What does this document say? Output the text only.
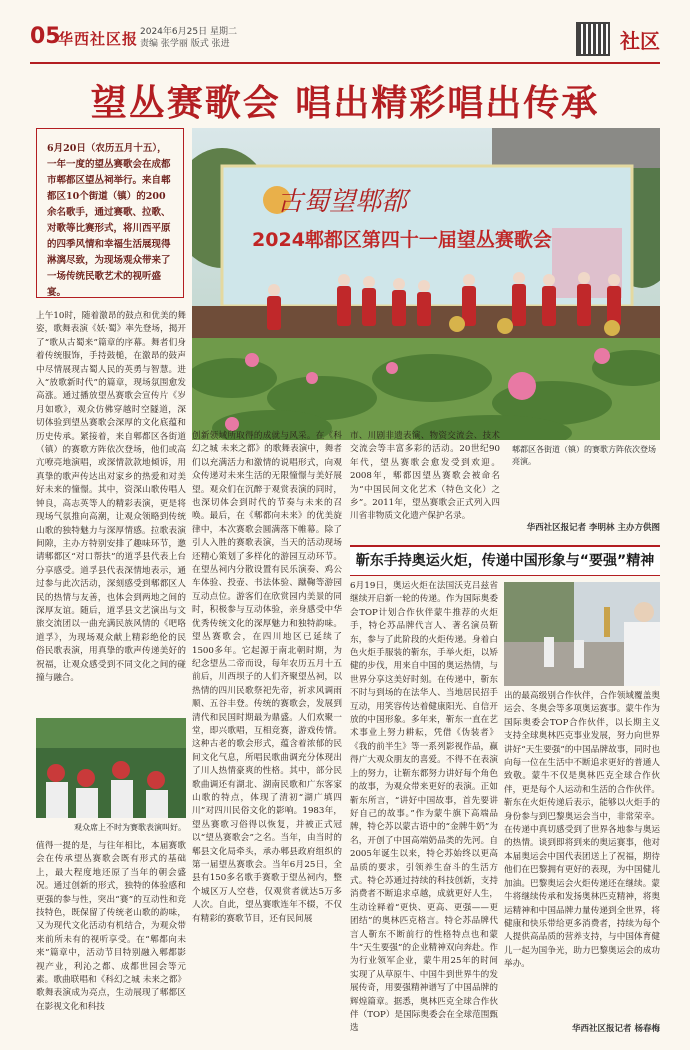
05
华西社区报 2024年6月25日 星期二
责编 张学丽 版式 张进	社区
望丛赛歌会 唱出精彩唱出传承
6月20日（农历五月十五），一年一度的望丛赛歌会在成都市郫都区望丛祠举行。来自郫都区10个街道（镇）的200余名歌手，通过赛歌、拉歌、对歌等比赛形式，将川西平原的四季风情和幸福生活展现得淋漓尽致，为现场观众带来了一场传统民歌艺术的视听盛宴。
古蜀望郫都
2024郫都区第四十一届望丛赛歌会
郫都区各街道（镇）的赛歌方阵依次登场亮演。
上午10时，随着激昂的鼓点和优美的舞姿，歌舞表演《妖·蜀》率先登场，揭开了“歌从古蜀来”篇章的序幕。舞者们身着传统服饰，手持鼓槌，在激昂的鼓声中尽情展现古蜀人民的英勇与智慧。进入“放歌新时代”的篇章，现场氛围愈发高涨。通过播放望丛赛歌会宣传片《岁月如歌》，观众仿佛穿越时空隧道，深切体验到望丛赛歌会深厚的文化底蕴和历史传承。紧接着，来自郫都区各街道（镇）的赛歌方阵依次登场，他们或高亢嘹亮地演唱，或深情款款地倾诉，用真挚的歌声传达出对家乡的热爱和对美好未来的憧憬。其中，资深山歌传唱人钟良，高志英等人的精彩表演，更是将现场气氛推向高潮，让观众领略到传统山歌的独特魅力与深厚情感。拉歌表演间隙，主办方特别安排了趣味环节，邀请郫都区“对口帮扶”的道孚县代表上台分享感受。道孚县代表深情地表示，通过参与此次活动，深刻感受到郫都区人民的热情与友善，也体会到两地之间的深厚友谊。随后，道孚县文艺演出与文旅交流团以一曲充满民族风情的《吧咯道孚》，为现场观众献上精彩绝伦的民俗民歌表演，用真挚的歌声传递美好的祝福，让观众感受到不同文化之间的碰撞与融合。
观众席上不时为赛歌表演叫好。
值得一提的是，与往年相比，本届赛歌会在传承望丛赛歌会既有形式的基础上，最大程度地还原了当年的朝会盛况。通过创新的形式，独特的体验感和更强的参与性，突出“赛”的互动性和竞技特色，既保留了传统老山歌的韵味，又为现代文化活动有机结合，为观众带来前所未有的视听享受。在“郫都向未来”篇章中，活动节目特别融入郫都影视产业，利沁之都、成都世园会等元素。歌曲联唱和《科幻之城 未来之都》歌舞表演成为亮点，生动展现了郫都区在影视文化和科技
创新领域所取得的成就与风采。在《科幻之城 未来之都》的歌舞表演中，舞者们以充满活力和激情的说唱形式，向观众传递对未来生活的无限憧憬与美好展望。观众们在沉醉于观赏表演的同时，也深切体会到时代的节奏与未来的召唤。最后，在《郫都向未来》的优美旋律中，本次赛歌会圆满落下帷幕。除了引人入胜的赛歌表演，当天的活动现场还精心策划了多样化的游园互动环节。在望丛祠内分散设置有民乐演奏、鸡公车体验、投壶、书法体验、蹴鞠等游园互动点位。游客们在欣赏园内美景的同时，积极参与互动体验，亲身感受中华优秀传统文化的深厚魅力和独特韵味。望丛赛歌会，在四川地区已延续了1500多年。它起源于南北朝时期，为纪念望丛二帝而设，每年农历五月十五前后，川西坝子的人们齐聚望丛祠，以热情的四川民歌祭祀先帝，祈求风调雨顺、五谷丰登。传统的赛歌会，发展到清代和民国时期最为鼎盛。人们欢聚一堂，即兴歌唱，互相竞赛，游戏传情。这种古老的歌会形式，蕴含着浓郁的民间文化气息，所唱民歌曲调充分体现出了川人热情豪爽的性格。其中，部分民歌曲调还有湖北、湖南民歌和广东客家山歌的特点，体现了清初“湖广填四川”对四川民俗文化的影响。1983年，望丛赛歌习俗得以恢复，并被正式冠以“望丛赛歌会”之名。当年，由当时的郫县文化局牵头，承办郫县政府组织的第一届望丛赛歌会。当年6月25日，全县有150多名歌手赛歌于望丛祠内，整个城区万人空巷，仅观赏者就达5万多人次。自此，望丛赛歌连年不辍，不仅有精彩的赛歌节目，还有民间展
市、川剧非遗表演、物资交流会、技术交流会等丰富多彩的活动。20世纪90年代，望丛赛歌会愈发受到欢迎。2008年，郫都因望丛赛歌会被命名为“中国民间文化艺术（特色文化）之乡”。2011年，望丛赛歌会正式列入四川省非物质文化遗产保护名录。
华西社区报记者 李明林 主办方供图
靳东手持奥运火炬，传递中国形象与“要强”精神
6月19日，奥运火炬在法国沃克吕兹省继续开启新一轮的传递。作为国际奥委会TOP计划合作伙伴蒙牛推荐的火炬手，特仑苏品牌代言人、著名演员靳东，参与了此阶段的火炬传递。身着白色火炬手服装的靳东，手举火炬，以矫健的步伐，用来自中国的奥运热情，与世界分享这美好时刻。在传递中，靳东不时与到场的在法华人、当地居民招手互动，用笑容传达着健康阳光、自信开放的中国形象。多年来，靳东一直在艺术事业上努力耕耘，凭借《伪装者》《我的前半生》等一系列影视作品，赢得广大观众朋友的喜爱。不得不在表演上的努力，让靳东都努力讲好每个角色的故事，为观众带来更好的表演。正如靳东所言，“讲好中国故事，首先要讲好自己的故事。”作为蒙牛旗下高端品牌，特仑苏以蒙古语中的“金牌牛奶”为名，开创了中国高端奶品类的先河。自2005年诞生以来，特仑苏始终以更高品质的要求，引领养生奋斗的生活方式。特仑苏通过持续的科技创新，支持消费者不断追求卓越，成就更好人生，生动诠释着“更快、更高、更强——更团结”的奥林匹克格言。特仑苏品牌代言人靳东不断前行的性格特点也和蒙牛“天生要强”的企业精神双向奔赴。作为行业领军企业，蒙牛用25年的时间实现了从草原牛、中国牛到世界牛的发展传奇，用要强精神谱写了中国品牌的辉煌篇章。据悉，奥林匹克全球合作伙伴（TOP）是国际奥委会在全球范围甄选
出的最高级别合作伙伴，合作领域覆盖奥运会、冬奥会等多项奥运赛事。蒙牛作为国际奥委会TOP合作伙伴，以长期主义支持全球奥林匹克事业发展，努力向世界讲好“天生要强”的中国品牌故事，同时也向每一位在生活中不断追求更好的普通人致敬。蒙牛不仅是奥林匹克全球合作伙伴，更是每个人运动和生活的合作伙伴。靳东在火炬传递后表示，能够以火炬手的身份参与到巴黎奥运会当中，非常荣幸。在传递中真切感受到了世界各地参与奥运的热情。谈到即将到来的奥运赛事，他对本届奥运会中国代表团送上了祝福，期待他们在巴黎拥有更好的表现，为中国健儿加油。巴黎奥运会火炬传递还在继续。蒙牛将继续传承和发扬奥林匹克精神，将奥运精神和中国品牌力量传递到全世界，将健康和快乐带给更多消费者，持续为每个人提供高品质的营养支持，与中国体育健儿一起为国争光，助力巴黎奥运会的成功举办。
华西社区报记者 杨春梅
